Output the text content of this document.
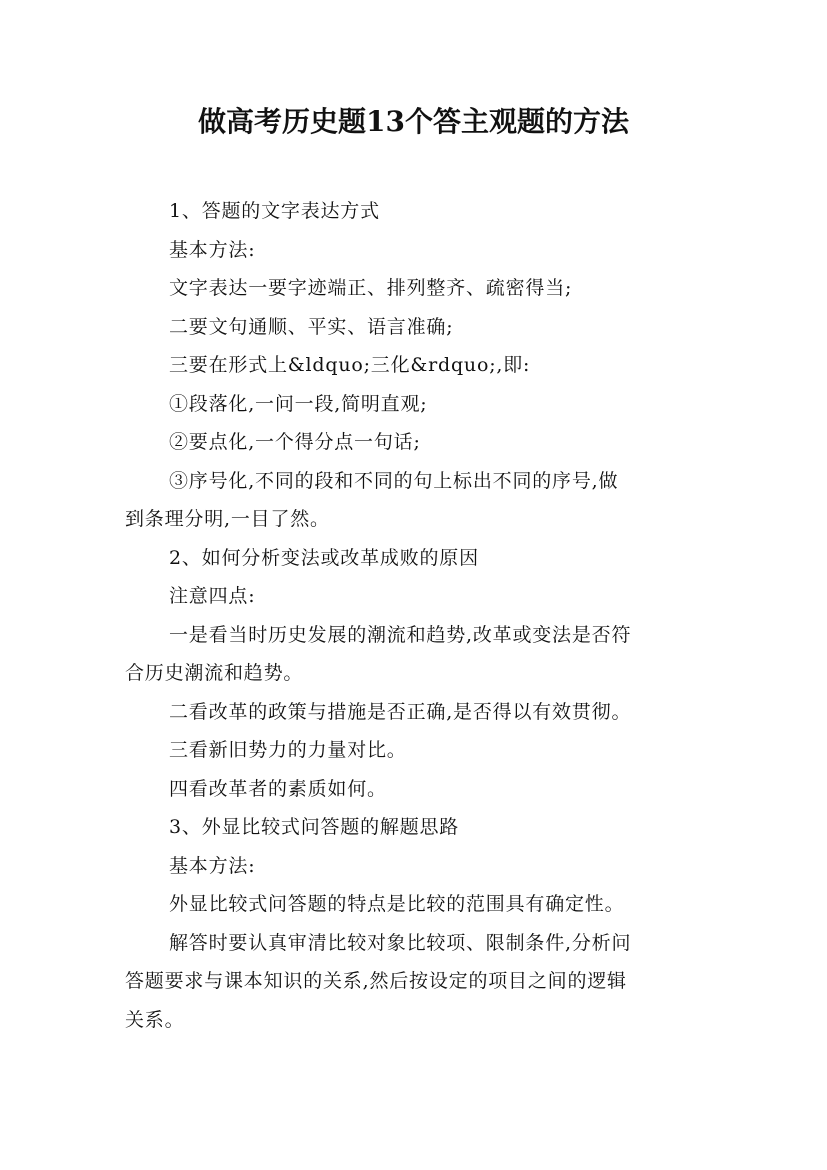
做高考历史题13个答主观题的方法

1、答题的文字表达方式

基本方法:

文字表达一要字迹端正、排列整齐、疏密得当;

二要文句通顺、平实、语言准确;

三要在形式上&ldquo;三化&rdquo;,即:

①段落化,一问一段,简明直观;

②要点化,一个得分点一句话;

③序号化,不同的段和不同的句上标出不同的序号,做

到条理分明,一目了然。

2、如何分析变法或改革成败的原因

注意四点:

一是看当时历史发展的潮流和趋势,改革或变法是否符

合历史潮流和趋势。

二看改革的政策与措施是否正确,是否得以有效贯彻。

三看新旧势力的力量对比。

四看改革者的素质如何。

3、外显比较式问答题的解题思路

基本方法:

外显比较式问答题的特点是比较的范围具有确定性。

解答时要认真审清比较对象比较项、限制条件,分析问

答题要求与课本知识的关系,然后按设定的项目之间的逻辑

关系。
